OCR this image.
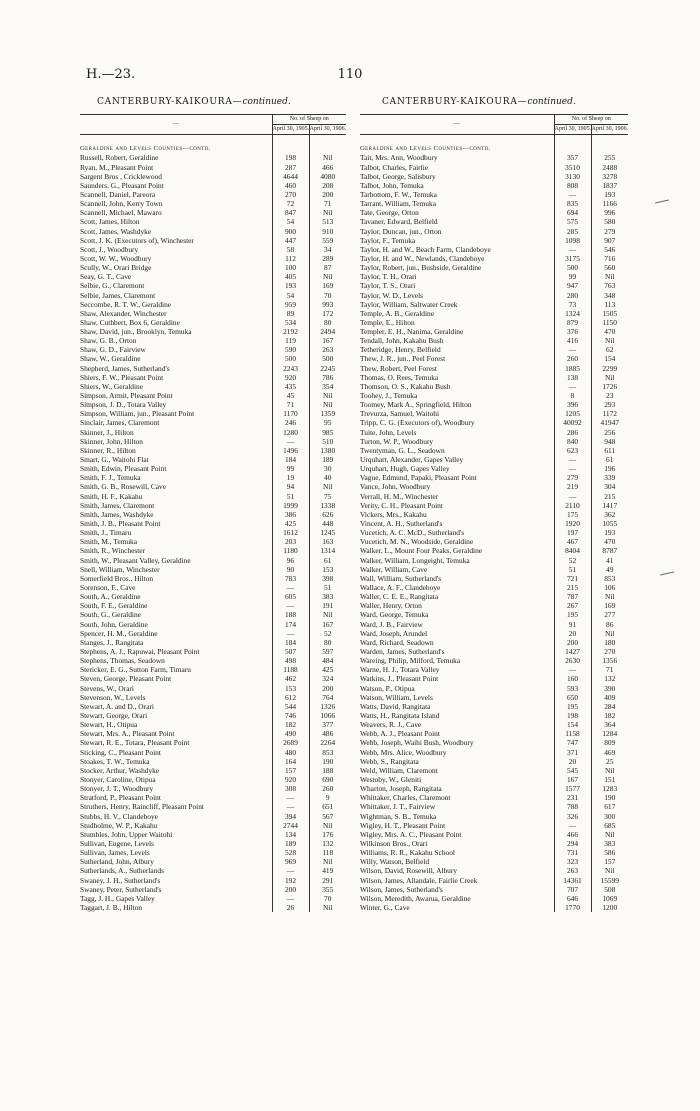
H.—23.	110
CANTERBURY-KAIKOURA—continued.	CANTERBURY-KAIKOURA—continued.
—	No. of Sheep on	
	April 30, 1905.	April 30, 1906.

Geraldine and Levels Counties—contd.		
Russell, Robert, Geraldine	198	Nil
Ryan, M., Pleasant Point	287	466
Sargent Bros , Cricklewood	4644	4080
Saunders, G., Pleasant Point	460	208
Scannell, Daniel, Pareora	270	200
Scannell, John, Kerry Town	72	71
Scannell, Michael, Mawaro	847	Nil
Scott, James, Hilton	54	513
Scott, James, Washdyke	900	910
Scott, J. K. (Executors of), Winchester	447	559
Scott, J., Woodbury	58	34
Scott, W. W., Woodbury	112	289
Scully, W., Orari Bridge	100	87
Seay, G. T., Cave	405	Nil
Selbie, G., Claremont	193	169
Selbie, James, Claremont	54	70
Seccombe, R. T. W., Geraldine	959	993
Shaw, Alexander, Winchester	89	172
Shaw, Cuthbert, Box 6, Geraldine	534	80
Shaw, David, jun., Brooklyn, Temuka	2192	2494
Shaw, G. B., Orton	119	167
Shaw, G. D., Fairview	590	263
Shaw, W., Geraldine	500	500
Shepherd, James, Sutherland's	2243	2245
Shiers, F. W., Pleasant Point	920	786
Shiers, W., Geraldine	435	354
Simpson, Armit, Pleasant Point	45	Nil
Simpson, J. D., Totara Valley	71	Nil
Simpson, William, jun., Pleasant Point	1170	1359
Sinclair, James, Claremont	246	95
Skinner, J., Hilton	1280	985
Skinner, John, Hilton	—	510
Skinner, R., Hilton	1496	1380
Smart, G., Waitohi Flat	184	189
Smith, Edwin, Pleasant Point	99	30
Smith, F. J., Temuka	19	40
Smith, G. B., Rosewill, Cave	94	Nil
Smith, H. F., Kakahu	51	75
Smith, James, Claremont	1999	1338
Smith, James, Washdyke	386	626
Smith, J. B., Pleasant Point	425	448
Smith, J., Timaru	1612	1245
Smith, M., Temuka	203	163
Smith, R., Winchester	1180	1314
Smith, W., Pleasant Valley, Geraldine	96	61
Snell, William, Winchester	90	153
Somerfield Bros., Hilton	783	398
Sorenson, F., Cave	—	51
South, A., Geraldine	605	383
South, F. E., Geraldine	—	191
South, G., Geraldine	188	Nil
South, John, Geraldine	174	167
Spencer, H. M., Geraldine	—	52
Stanges, J., Rangitata	184	80
Stephens, A. J., Rapuwai, Pleasant Point	507	597
Stephens, Thomas, Seadown	498	484
Stericker, E. G., Sutton Farm, Timaru	1188	425
Steven, George, Pleasant Point	462	324
Stevens, W., Orari	153	200
Stevenson, W., Levels	612	764
Stewart, A. and D., Orari	544	1326
Stewart, George, Orari	746	1066
Stewart, H., Otipua	182	377
Stewart, Mrs. A., Pleasant Point	490	486
Stewart, R. E., Totara, Pleasant Point	2689	2264
Sticking, C., Pleasant Point	480	853
Stoakes, T. W., Temuka	164	190
Stocker, Arthur, Washdyke	157	188
Stonyer, Caroline, Otipua	920	690
Stonyer, J. T., Woodbury	308	260
Stratford, P., Pleasant Point	—	9
Struthers, Henry, Raincliff, Pleasant Point	—	651
Stubbs, H. V., Clandeboye	394	567
Studholme, W. P., Kakahu	2744	Nil
Stumbles, John, Upper Waitohi	134	176
Sullivan, Eugene, Levels	189	132
Sullivan, James, Levels	528	118
Sutherland, John, Albury	969	Nil
Sutherlands, A., Sutherlands	—	419
Swaney, J. H., Sutherland's	192	291
Swaney, Peter, Sutherland's	200	355
Tagg, J. H., Gapes Valley	—	70
Taggart, J. B., Hilton	26	Nil
—	No. of Sheep on	
	April 30, 1905.	April 30, 1906.

Geraldine and Levels Counties—contd.		
Tait, Mrs. Ann, Woodbury	357	255
Talbot, Charles, Fairlie	3510	2488
Talbot, George, Salisbury	3130	3278
Talbot, John, Temuka	808	1837
Tarbottom, F. W., Temuka	—	193
Tarrant, William, Temuka	835	1166
Tate, George, Orton	694	996
Tavaner, Edward, Belfield	575	580
Taylor, Duncan, jun., Orton	285	279
Taylor, F., Temuka	1098	907
Taylor, H. and W., Beach Farm, Clandeboye	—	546
Taylor, H. and W., Newlands, Clandeboye	3175	716
Taylor, Robert, jun., Bushside, Geraldine	500	560
Taylor, T. H., Orari	99	Nil
Taylor, T. S., Orari	947	763
Taylor, W. D., Levels	280	348
Taylor, William, Saltwater Creek	73	113
Temple, A. B., Geraldine	1324	1505
Temple, E., Hilton	879	1150
Templer, E. H., Nanima, Geraldine	376	470
Tendall, John, Kakahu Bush	416	Nil
Tetheridge, Henry, Belfield	—	62
Thew, J. R., jun., Peel Forest	260	154
Thew, Robert, Peel Forest	1885	2299
Thomas, O. Rees, Temuka	138	Nil
Thomson, O. S., Kakahu Bush	—	1726
Toohey, J., Temuka	8	23
Toomey, Mark A., Springfield, Hilton	396	293
Trevurza, Samuel, Waitohi	1205	1172
Tripp, C. G. (Executors of), Woodbury	40092	41947
Tuite, John, Levels	286	256
Turton, W. P., Woodbury	840	948
Twentyman, G. L., Seadown	623	611
Urquhart, Alexander, Gapes Valley	—	61
Urquhart, Hugh, Gapes Valley	—	196
Vague, Edmund, Papaki, Pleasant Point	279	339
Vance, John, Woodbury	219	304
Verrall, H. M., Winchester	—	215
Verity, C. H., Pleasant Point	2110	1417
Vickers, Mrs., Kakahu	175	362
Vincent, A. H., Sutherland's	1920	1055
Vucetich, A. C. McD., Sutherland's	197	193
Vucetich, M. N., Woodside, Geraldine	467	470
Walker, L., Mount Four Peaks, Geraldine	8404	8787
Walker, William, Longeight, Temuka	52	41
Walker, William, Cave	51	49
Wall, William, Sutherland's	721	853
Wallace, A. F., Clandeboye	215	106
Waller, C. E. E., Rangitata	787	Nil
Waller, Henry, Orton	267	169
Ward, George, Temuka	195	277
Ward, J. B., Fairview	91	86
Ward, Joseph, Arundel	20	Nil
Ward, Richard, Seadown	200	180
Warden, James, Sutherland's	1427	270
Wareing, Philip, Milford, Temuka	2630	1356
Warne, H. J., Totara Valley	—	71
Watkins, J., Pleasant Point	160	132
Watson, P., Otipua	593	390
Watson, William, Levels	650	409
Watts, David, Rangitata	195	284
Watts, H., Rangitata Island	198	182
Weavers, R. J., Cave	154	364
Webb, A. J., Pleasant Point	1158	1284
Webb, Joseph, Waihi Bush, Woodbury	747	809
Webb, Mrs. Alice, Woodbury	371	469
Webb, S., Rangitata	20	25
Weld, William, Claremont	545	Nil
Westoby, W., Gleniti	167	151
Wharton, Joseph, Rangitata	1577	1283
Whittaker, Charles, Claremont	231	190
Whittaker, J. T., Fairview	788	617
Wightman, S. B., Temuka	326	300
Wigley, H. T., Pleasant Point	—	685
Wigley, Mrs. A. C., Pleasant Point	466	Nil
Wilkinson Bros., Orari	294	383
Williams, R. R., Kakahu School	731	586
Willy, Watson, Belfield	323	157
Wilson, David, Rosewill, Albury	263	Nil
Wilson, James, Allandale, Fairlie Creek	14361	15599
Wilson, James, Sutherland's	707	508
Wilson, Meredith, Awarua, Geraldine	646	1069
Winter, G., Cave	1770	1200
